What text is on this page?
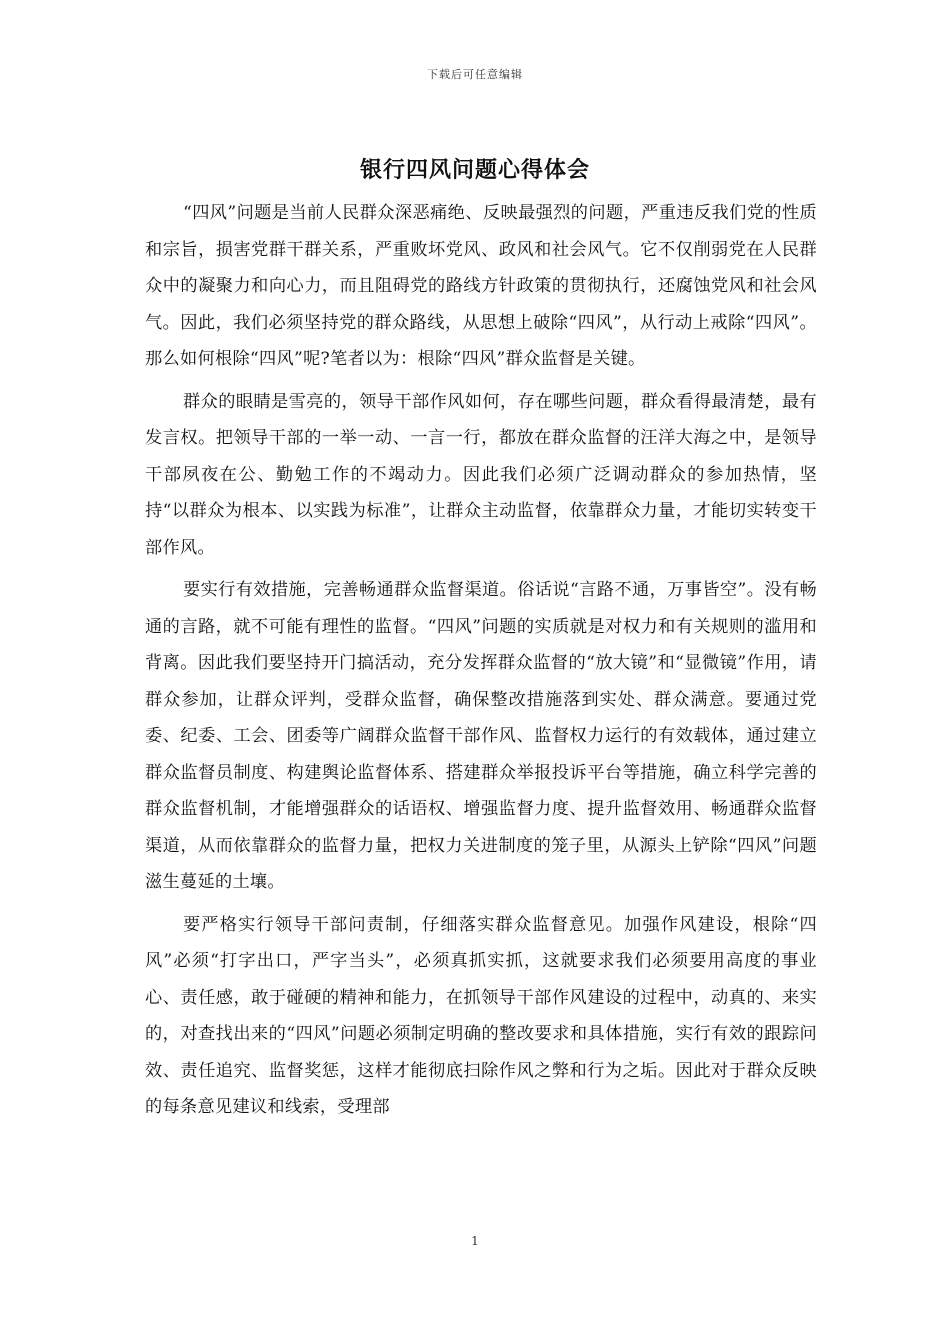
下载后可任意编辑
银行四风问题心得体会

“四风”问题是当前人民群众深恶痛绝、反映最强烈的问题，严重违反我们党的性质和宗旨，损害党群干群关系，严重败坏党风、政风和社会风气。它不仅削弱党在人民群众中的凝聚力和向心力，而且阻碍党的路线方针政策的贯彻执行，还腐蚀党风和社会风气。因此，我们必须坚持党的群众路线，从思想上破除“四风”，从行动上戒除“四风”。那么如何根除“四风”呢?笔者以为：根除“四风”群众监督是关键。

群众的眼睛是雪亮的，领导干部作风如何，存在哪些问题，群众看得最清楚，最有发言权。把领导干部的一举一动、一言一行，都放在群众监督的汪洋大海之中，是领导干部夙夜在公、勤勉工作的不竭动力。因此我们必须广泛调动群众的参加热情，坚持“以群众为根本、以实践为标准”，让群众主动监督，依靠群众力量，才能切实转变干部作风。

要实行有效措施，完善畅通群众监督渠道。俗话说“言路不通，万事皆空”。没有畅通的言路，就不可能有理性的监督。“四风”问题的实质就是对权力和有关规则的滥用和背离。因此我们要坚持开门搞活动，充分发挥群众监督的“放大镜”和“显微镜”作用，请群众参加，让群众评判，受群众监督，确保整改措施落到实处、群众满意。要通过党委、纪委、工会、团委等广阔群众监督干部作风、监督权力运行的有效载体，通过建立群众监督员制度、构建舆论监督体系、搭建群众举报投诉平台等措施，确立科学完善的群众监督机制，才能增强群众的话语权、增强监督力度、提升监督效用、畅通群众监督渠道，从而依靠群众的监督力量，把权力关进制度的笼子里，从源头上铲除“四风”问题滋生蔓延的土壤。

要严格实行领导干部问责制，仔细落实群众监督意见。加强作风建设，根除“四风”必须“打字出口，严字当头”，必须真抓实抓，这就要求我们必须要用高度的事业心、责任感，敢于碰硬的精神和能力，在抓领导干部作风建设的过程中，动真的、来实的，对查找出来的“四风”问题必须制定明确的整改要求和具体措施，实行有效的跟踪问效、责任追究、监督奖惩，这样才能彻底扫除作风之弊和行为之垢。因此对于群众反映的每条意见建议和线索，受理部

1
